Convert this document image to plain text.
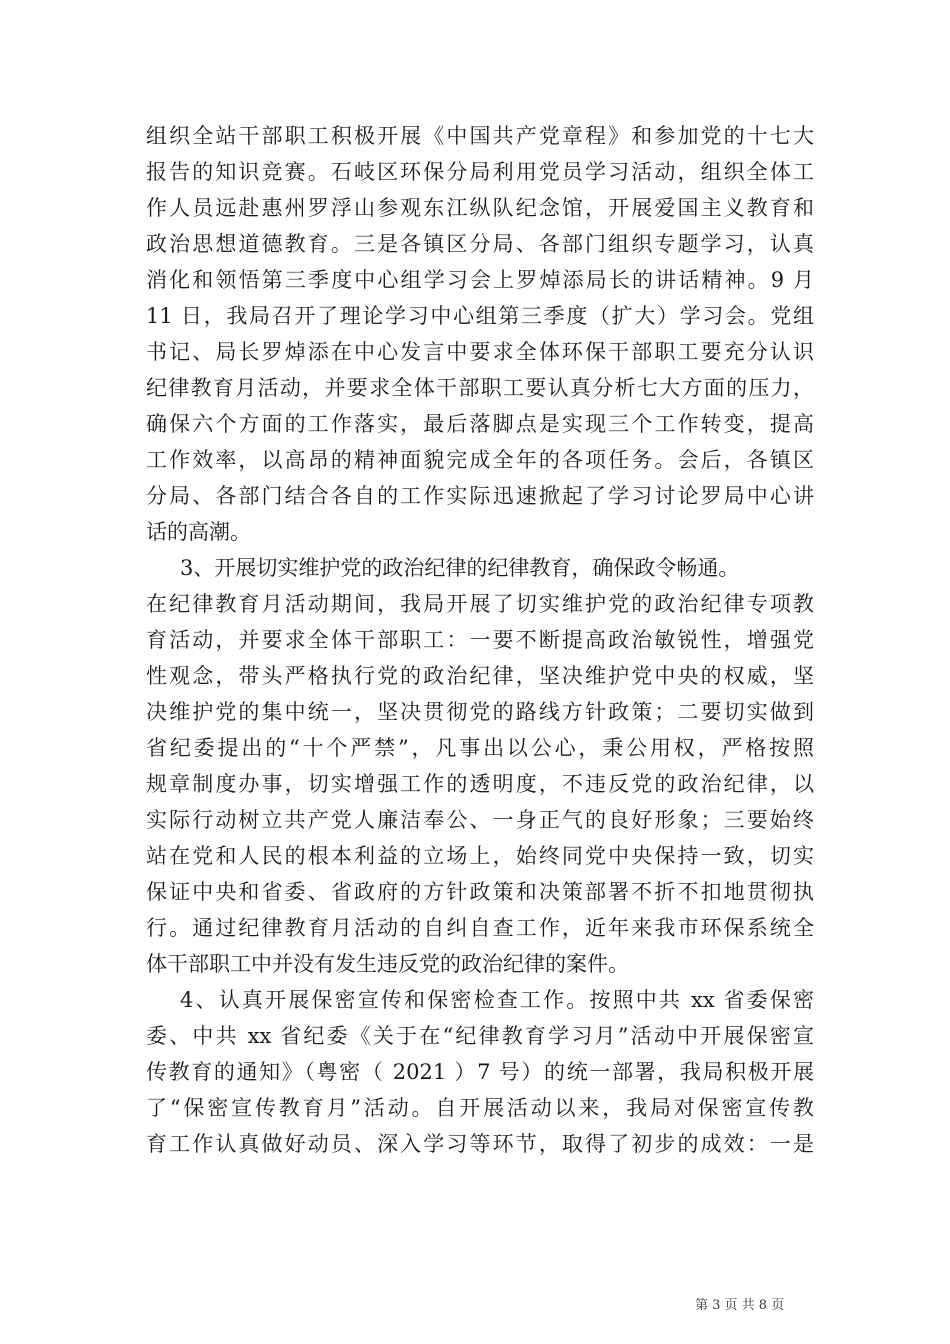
组织全站干部职工积极开展《中国共产党章程》和参加党的十七大
报告的知识竞赛。石岐区环保分局利用党员学习活动，组织全体工
作人员远赴惠州罗浮山参观东江纵队纪念馆，开展爱国主义教育和
政治思想道德教育。三是各镇区分局、各部门组织专题学习，认真
消化和领悟第三季度中心组学习会上罗焯添局长的讲话精神。9 月
11 日，我局召开了理论学习中心组第三季度（扩大）学习会。党组
书记、局长罗焯添在中心发言中要求全体环保干部职工要充分认识
纪律教育月活动，并要求全体干部职工要认真分析七大方面的压力，
确保六个方面的工作落实，最后落脚点是实现三个工作转变，提高
工作效率，以高昂的精神面貌完成全年的各项任务。会后，各镇区
分局、各部门结合各自的工作实际迅速掀起了学习讨论罗局中心讲
话的高潮。
3、开展切实维护党的政治纪律的纪律教育，确保政令畅通。
在纪律教育月活动期间，我局开展了切实维护党的政治纪律专项教
育活动，并要求全体干部职工：一要不断提高政治敏锐性，增强党
性观念，带头严格执行党的政治纪律，坚决维护党中央的权威，坚
决维护党的集中统一，坚决贯彻党的路线方针政策；二要切实做到
省纪委提出的“十个严禁”，凡事出以公心，秉公用权，严格按照
规章制度办事，切实增强工作的透明度，不违反党的政治纪律，以
实际行动树立共产党人廉洁奉公、一身正气的良好形象；三要始终
站在党和人民的根本利益的立场上，始终同党中央保持一致，切实
保证中央和省委、省政府的方针政策和决策部署不折不扣地贯彻执
行。通过纪律教育月活动的自纠自查工作，近年来我市环保系统全
体干部职工中并没有发生违反党的政治纪律的案件。
4、认真开展保密宣传和保密检查工作。按照中共 xx 省委保密
委、中共 xx 省纪委《关于在“纪律教育学习月”活动中开展保密宣
传教育的通知》（粤密（ 2021 ）7 号）的统一部署，我局积极开展
了“保密宣传教育月”活动。自开展活动以来，我局对保密宣传教
育工作认真做好动员、深入学习等环节，取得了初步的成效：一是
第 3 页 共 8 页
